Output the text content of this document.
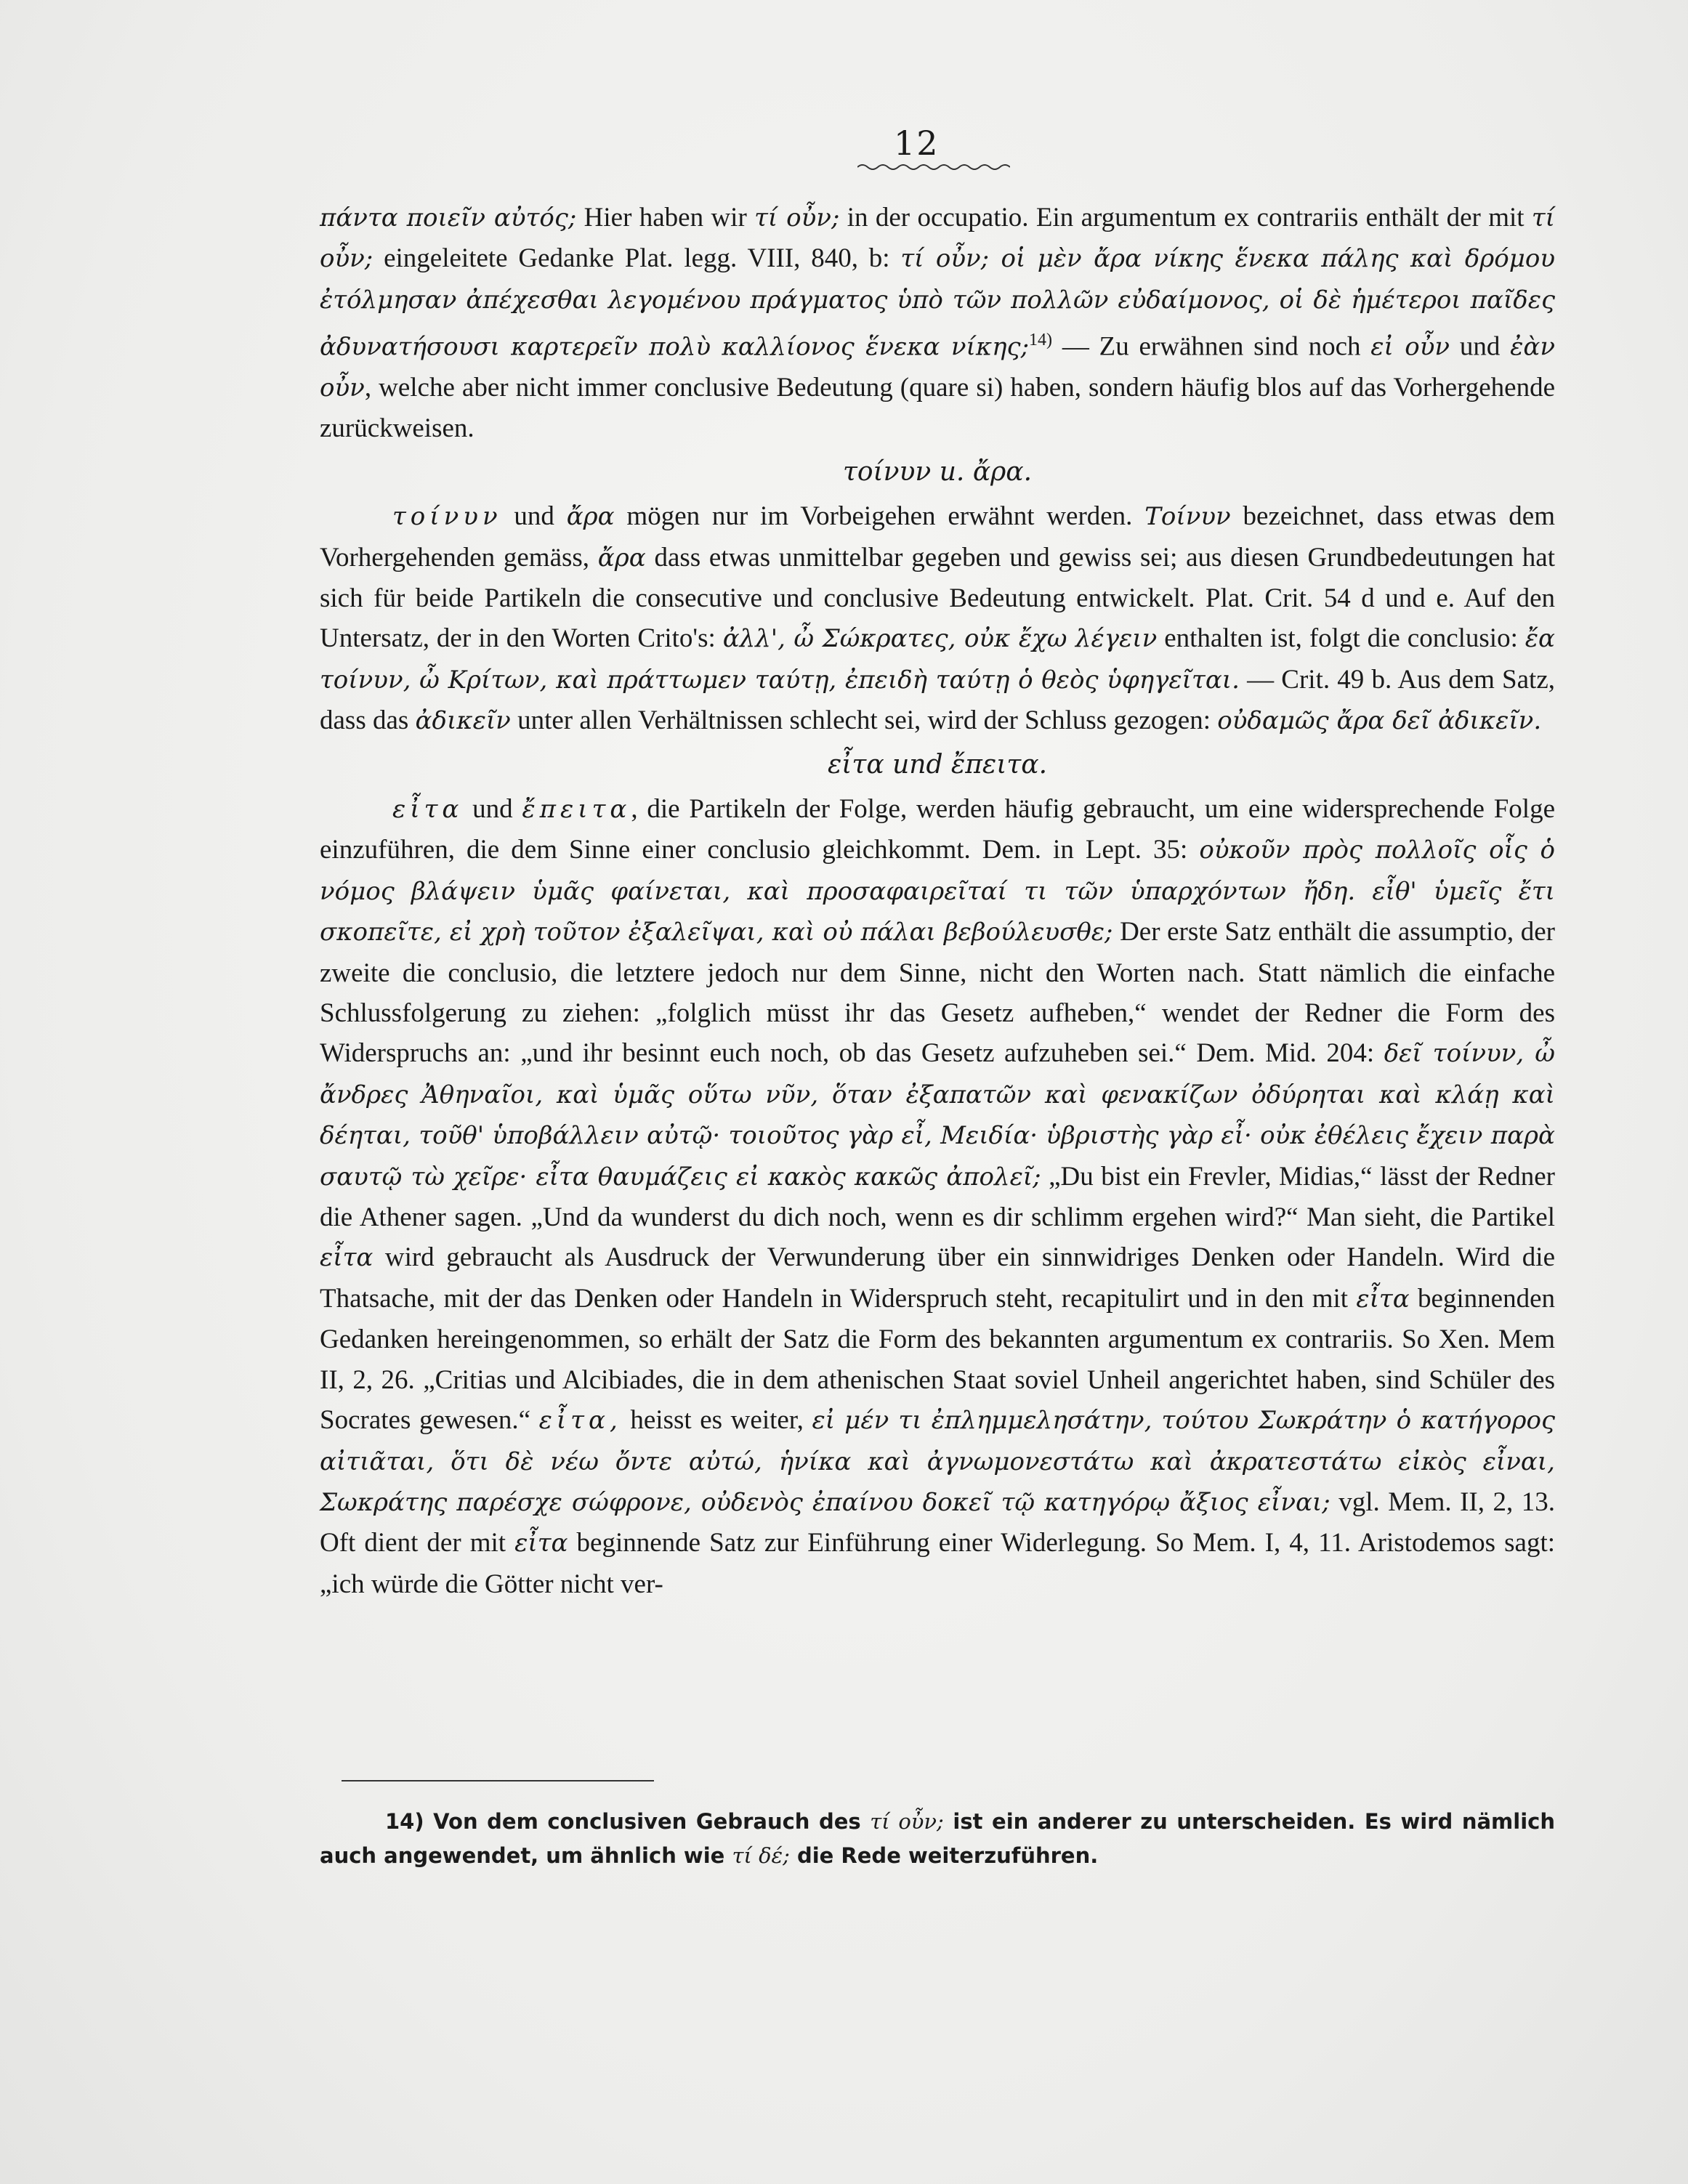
12

πάντα ποιεῖν αὐτός; Hier haben wir τί οὖν; in der occupatio. Ein argumentum ex contrariis enthält der mit τί οὖν; eingeleitete Gedanke Plat. legg. VIII, 840, b: τί οὖν; οἱ μὲν ἄρα νίκης ἕνεκα πάλης καὶ δρόμου ἐτόλμησαν ἀπέχεσθαι λεγομένου πράγματος ὑπὸ τῶν πολλῶν εὐδαίμονος, οἱ δὲ ἡμέτεροι παῖδες ἀδυνατήσουσι καρτερεῖν πολὺ καλλίονος ἕνεκα νίκης;$^{14)}$ — Zu erwähnen sind noch εἰ οὖν und ἐὰν οὖν, welche aber nicht immer conclusive Bedeutung (quare si) haben, sondern häufig blos auf das Vorhergehende zurückweisen.

τοίνυν u. ἄρα.

τοίνυν und ἄρα mögen nur im Vorbeigehen erwähnt werden. Τοίνυν bezeichnet, dass etwas dem Vorhergehenden gemäss, ἄρα dass etwas unmittelbar gegeben und gewiss sei; aus diesen Grundbedeutungen hat sich für beide Partikeln die consecutive und conclusive Bedeutung entwickelt. Plat. Crit. 54 d und e. Auf den Untersatz, der in den Worten Crito's: ἀλλ', ὦ Σώκρατες, οὐκ ἔχω λέγειν enthalten ist, folgt die conclusio: ἔα τοίνυν, ὦ Κρίτων, καὶ πράττωμεν ταύτῃ, ἐπειδὴ ταύτῃ ὁ θεὸς ὑφηγεῖται. — Crit. 49 b. Aus dem Satz, dass das ἀδικεῖν unter allen Verhältnissen schlecht sei, wird der Schluss gezogen: οὐδαμῶς ἄρα δεῖ ἀδικεῖν.

εἶτα und ἔπειτα.

εἶτα und ἔπειτα, die Partikeln der Folge, werden häufig gebraucht, um eine widersprechende Folge einzuführen, die dem Sinne einer conclusio gleichkommt. Dem. in Lept. 35: οὐκοῦν πρὸς πολλοῖς οἷς ὁ νόμος βλάψειν ὑμᾶς φαίνεται, καὶ προσαφαιρεῖταί τι τῶν ὑπαρχόντων ἤδη. εἶθ' ὑμεῖς ἔτι σκοπεῖτε, εἰ χρὴ τοῦτον ἐξαλεῖψαι, καὶ οὐ πάλαι βεβούλευσθε; Der erste Satz enthält die assumptio, der zweite die conclusio, die letztere jedoch nur dem Sinne, nicht den Worten nach. Statt nämlich die einfache Schlussfolgerung zu ziehen: „folglich müsst ihr das Gesetz aufheben,“ wendet der Redner die Form des Widerspruchs an: „und ihr besinnt euch noch, ob das Gesetz aufzuheben sei.“ Dem. Mid. 204: δεῖ τοίνυν, ὦ ἄνδρες Ἀθηναῖοι, καὶ ὑμᾶς οὕτω νῦν, ὅταν ἐξαπατῶν καὶ φενακίζων ὀδύρηται καὶ κλάῃ καὶ δέηται, τοῦθ' ὑποβάλλειν αὐτῷ· τοιοῦτος γὰρ εἶ, Μειδία· ὑβριστὴς γὰρ εἶ· οὐκ ἐθέλεις ἔχειν παρὰ σαυτῷ τὼ χεῖρε· εἶτα θαυμάζεις εἰ κακὸς κακῶς ἀπολεῖ; „Du bist ein Frevler, Midias,“ lässt der Redner die Athener sagen. „Und da wunderst du dich noch, wenn es dir schlimm ergehen wird?“ Man sieht, die Partikel εἶτα wird gebraucht als Ausdruck der Verwunderung über ein sinnwidriges Denken oder Handeln. Wird die Thatsache, mit der das Denken oder Handeln in Widerspruch steht, recapitulirt und in den mit εἶτα beginnenden Gedanken hereingenommen, so erhält der Satz die Form des bekannten argumentum ex contrariis. So Xen. Mem II, 2, 26. „Critias und Alcibiades, die in dem athenischen Staat soviel Unheil angerichtet haben, sind Schüler des Socrates gewesen.“ εἶτα, heisst es weiter, εἰ μέν τι ἐπλημμελησάτην, τούτου Σωκράτην ὁ κατήγορος αἰτιᾶται, ὅτι δὲ νέω ὄντε αὐτώ, ἡνίκα καὶ ἀγνωμονεστάτω καὶ ἀκρατεστάτω εἰκὸς εἶναι, Σωκράτης παρέσχε σώφρονε, οὐδενὸς ἐπαίνου δοκεῖ τῷ κατηγόρῳ ἄξιος εἶναι; vgl. Mem. II, 2, 13. Oft dient der mit εἶτα beginnende Satz zur Einführung einer Widerlegung. So Mem. I, 4, 11. Aristodemos sagt: „ich würde die Götter nicht ver-

14) Von dem conclusiven Gebrauch des τί οὖν; ist ein anderer zu unterscheiden. Es wird nämlich auch angewendet, um ähnlich wie τί δέ; die Rede weiterzuführen.
